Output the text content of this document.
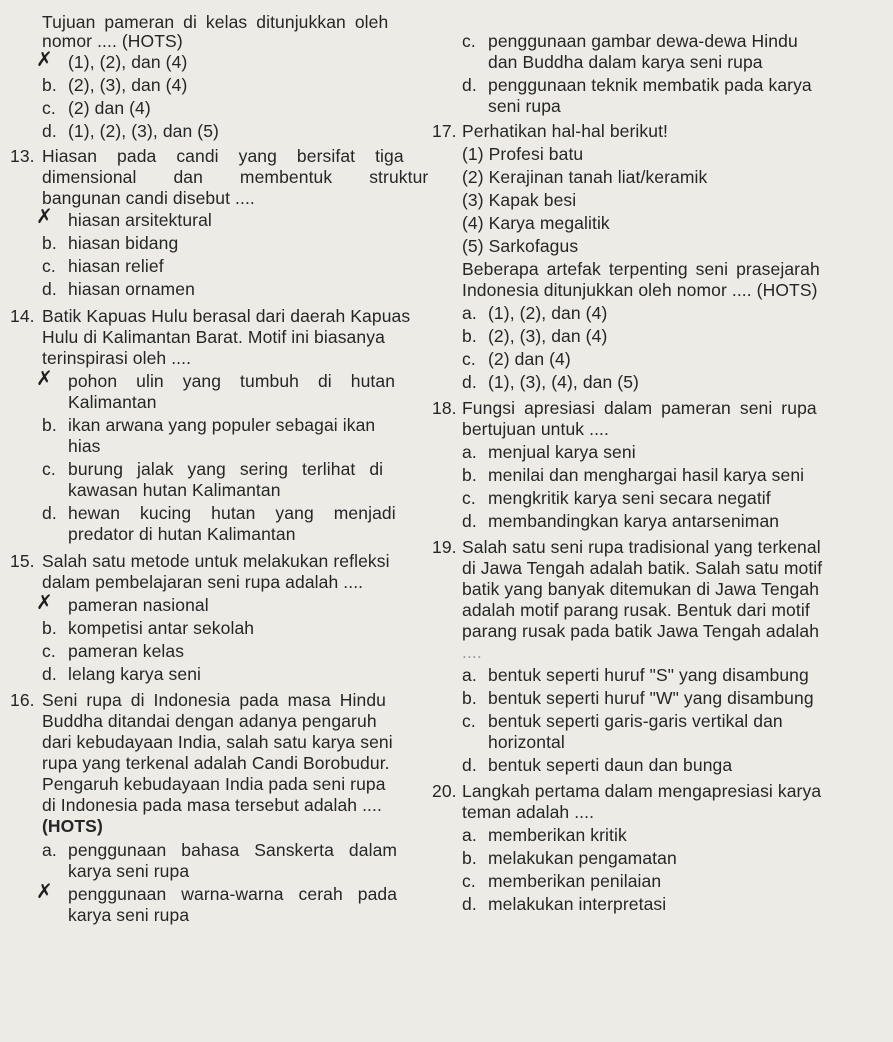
Tujuan pameran di kelas ditunjukkan oleh
nomor .... (HOTS)
✗ (1), (2), dan (4)
b. (2), (3), dan (4)
c. (2) dan (4)
d. (1), (2), (3), dan (5)
13. Hiasan pada candi yang bersifat tiga
dimensional dan membentuk struktur
bangunan candi disebut ....
✗ hiasan arsitektural
b. hiasan bidang
c. hiasan relief
d. hiasan ornamen
14. Batik Kapuas Hulu berasal dari daerah Kapuas
Hulu di Kalimantan Barat. Motif ini biasanya
terinspirasi oleh ....
✗ pohon ulin yang tumbuh di hutan
Kalimantan
b. ikan arwana yang populer sebagai ikan
hias
c. burung jalak yang sering terlihat di
kawasan hutan Kalimantan
d. hewan kucing hutan yang menjadi
predator di hutan Kalimantan
15. Salah satu metode untuk melakukan refleksi
dalam pembelajaran seni rupa adalah ....
✗ pameran nasional
b. kompetisi antar sekolah
c. pameran kelas
d. lelang karya seni
16. Seni rupa di Indonesia pada masa Hindu
Buddha ditandai dengan adanya pengaruh
dari kebudayaan India, salah satu karya seni
rupa yang terkenal adalah Candi Borobudur.
Pengaruh kebudayaan India pada seni rupa
di Indonesia pada masa tersebut adalah ....
(HOTS)
a. penggunaan bahasa Sanskerta dalam
karya seni rupa
✗ penggunaan warna-warna cerah pada
karya seni rupa
c. penggunaan gambar dewa-dewa Hindu
dan Buddha dalam karya seni rupa
d. penggunaan teknik membatik pada karya
seni rupa
17. Perhatikan hal-hal berikut!
(1) Profesi batu
(2) Kerajinan tanah liat/keramik
(3) Kapak besi
(4) Karya megalitik
(5) Sarkofagus
Beberapa artefak terpenting seni prasejarah
Indonesia ditunjukkan oleh nomor .... (HOTS)
a. (1), (2), dan (4)
b. (2), (3), dan (4)
c. (2) dan (4)
d. (1), (3), (4), dan (5)
18. Fungsi apresiasi dalam pameran seni rupa
bertujuan untuk ....
a. menjual karya seni
b. menilai dan menghargai hasil karya seni
c. mengkritik karya seni secara negatif
d. membandingkan karya antarseniman
19. Salah satu seni rupa tradisional yang terkenal
di Jawa Tengah adalah batik. Salah satu motif
batik yang banyak ditemukan di Jawa Tengah
adalah motif parang rusak. Bentuk dari motif
parang rusak pada batik Jawa Tengah adalah
....
a. bentuk seperti huruf "S" yang disambung
b. bentuk seperti huruf "W" yang disambung
c. bentuk seperti garis-garis vertikal dan
horizontal
d. bentuk seperti daun dan bunga
20. Langkah pertama dalam mengapresiasi karya
teman adalah ....
a. memberikan kritik
b. melakukan pengamatan
c. memberikan penilaian
d. melakukan interpretasi
